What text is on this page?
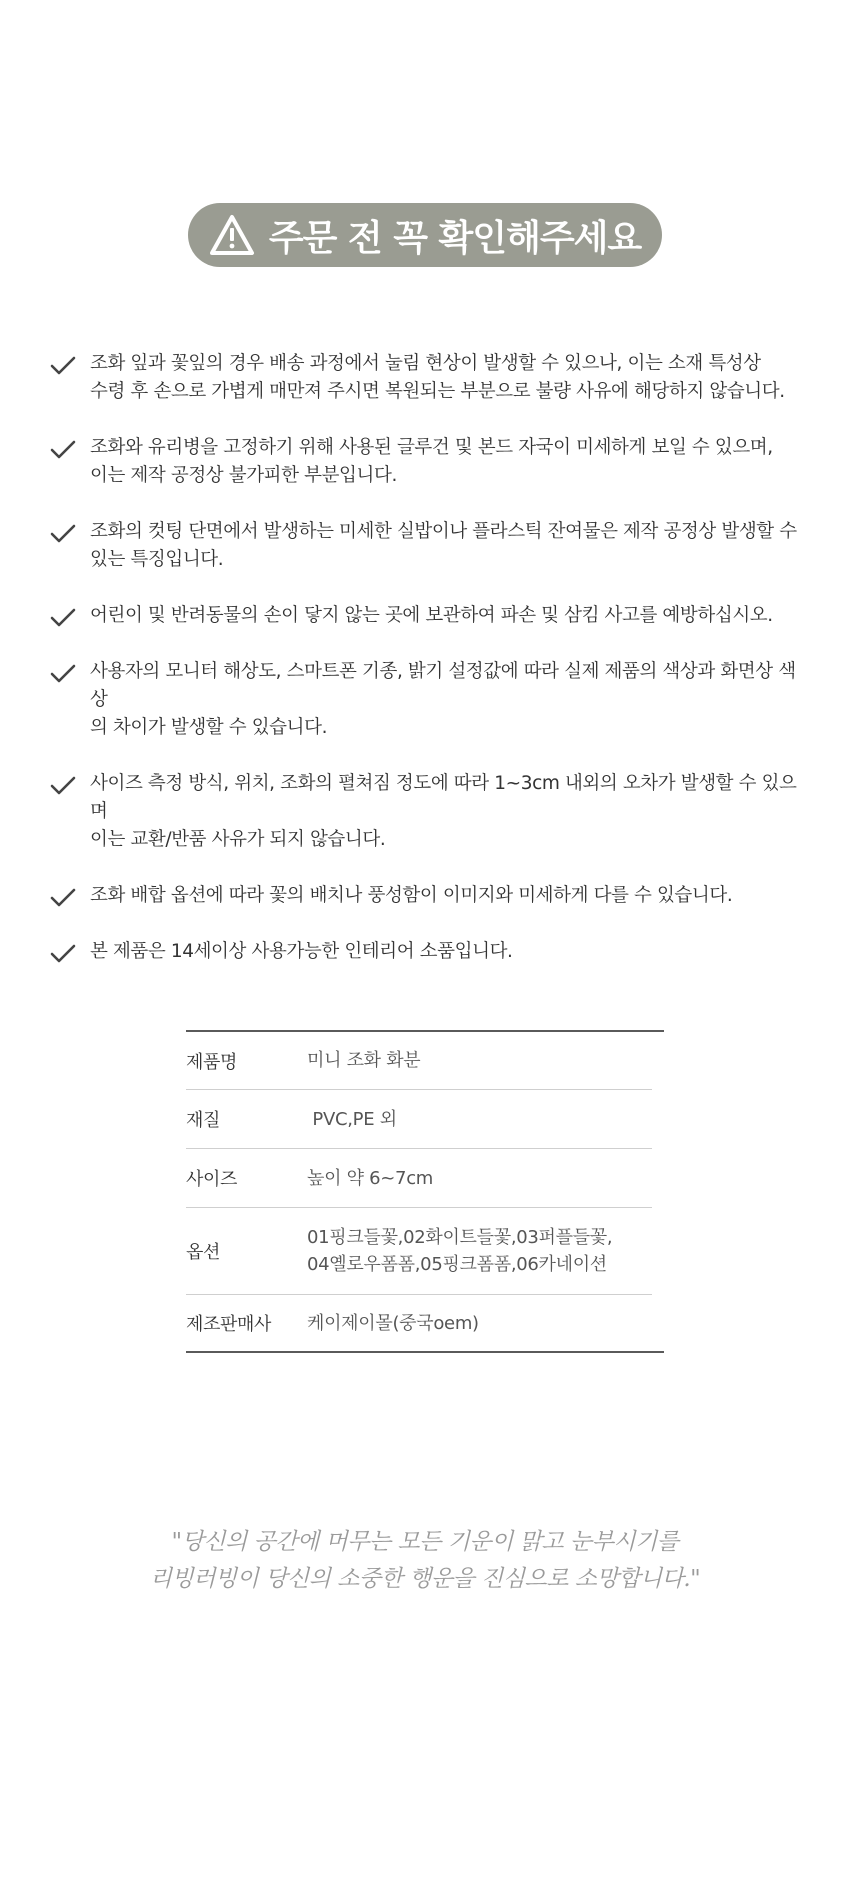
주문 전 꼭 확인해주세요
조화 잎과 꽃잎의 경우 배송 과정에서 눌림 현상이 발생할 수 있으나, 이는 소재 특성상
수령 후 손으로 가볍게 매만져 주시면 복원되는 부분으로 불량 사유에 해당하지 않습니다.
조화와 유리병을 고정하기 위해 사용된 글루건 및 본드 자국이 미세하게 보일 수 있으며,
이는 제작 공정상 불가피한 부분입니다.
조화의 컷팅 단면에서 발생하는 미세한 실밥이나 플라스틱 잔여물은 제작 공정상 발생할 수
있는 특징입니다.
어린이 및 반려동물의 손이 닿지 않는 곳에 보관하여 파손 및 삼킴 사고를 예방하십시오.
사용자의 모니터 해상도, 스마트폰 기종, 밝기 설정값에 따라 실제 제품의 색상과 화면상 색상
의 차이가 발생할 수 있습니다.
사이즈 측정 방식, 위치, 조화의 펼쳐짐 정도에 따라 1~3cm 내외의 오차가 발생할 수 있으며
이는 교환/반품 사유가 되지 않습니다.
조화 배합 옵션에 따라 꽃의 배치나 풍성함이 이미지와 미세하게 다를 수 있습니다.
본 제품은 14세이상 사용가능한 인테리어 소품입니다.
제품명	미니 조화 화분
재질	PVC,PE 외
사이즈	높이 약 6~7cm
옵션
01핑크들꽃,02화이트들꽃,03퍼플들꽃,
04옐로우폼폼,05핑크폼폼,06카네이션
제조판매사	케이제이몰(중국oem)
"당신의 공간에 머무는 모든 기운이 맑고 눈부시기를
리빙러빙이 당신의 소중한 행운을 진심으로 소망합니다."
